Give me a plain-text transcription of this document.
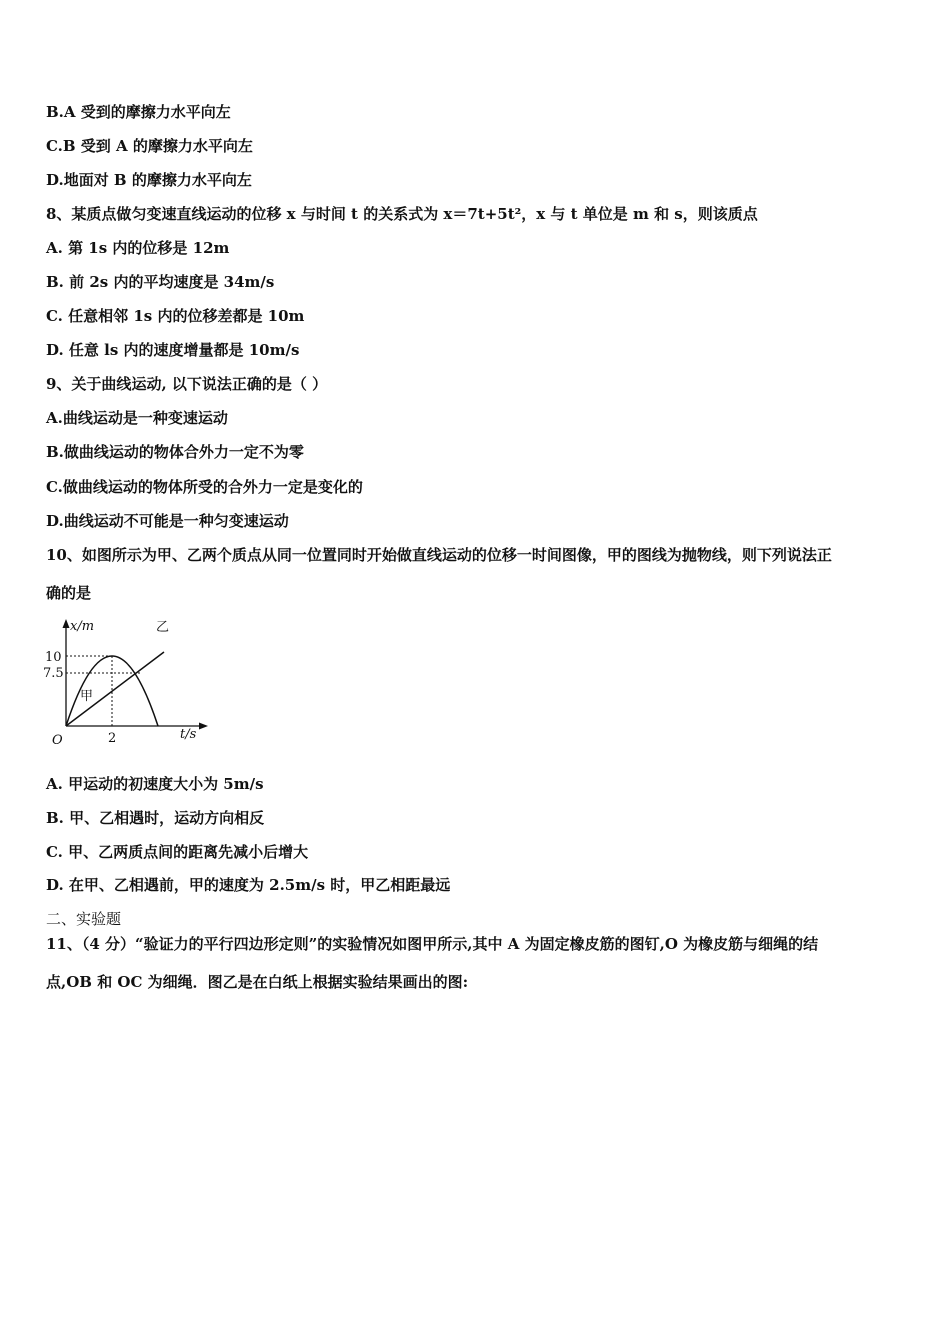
B.A 受到的摩擦力水平向左
C.B 受到 A 的摩擦力水平向左
D.地面对 B 的摩擦力水平向左
8、某质点做匀变速直线运动的位移 x 与时间 t 的关系式为 x＝7t+5t²，x 与 t 单位是 m 和 s，则该质点
A. 第 1s 内的位移是 12m
B. 前 2s 内的平均速度是 34m/s
C. 任意相邻 1s 内的位移差都是 10m
D. 任意 ls 内的速度增量都是 10m/s
9、关于曲线运动, 以下说法正确的是（ ）
A.曲线运动是一种变速运动
B.做曲线运动的物体合外力一定不为零
C.做曲线运动的物体所受的合外力一定是变化的
D.曲线运动不可能是一种匀变速运动
10、如图所示为甲、乙两个质点从同一位置同时开始做直线运动的位移一时间图像，甲的图线为抛物线，则下列说法正
确的是
x/m
10
7.5
2
O	t/s
甲
乙
A. 甲运动的初速度大小为 5m/s
B. 甲、乙相遇时，运动方向相反
C. 甲、乙两质点间的距离先减小后增大
D. 在甲、乙相遇前，甲的速度为 2.5m/s 时，甲乙相距最远
二、实验题
11、（4 分）“验证力的平行四边形定则”的实验情况如图甲所示,其中 A 为固定橡皮筋的图钉,O 为橡皮筋与细绳的结
点,OB 和 OC 为细绳．图乙是在白纸上根据实验结果画出的图:
